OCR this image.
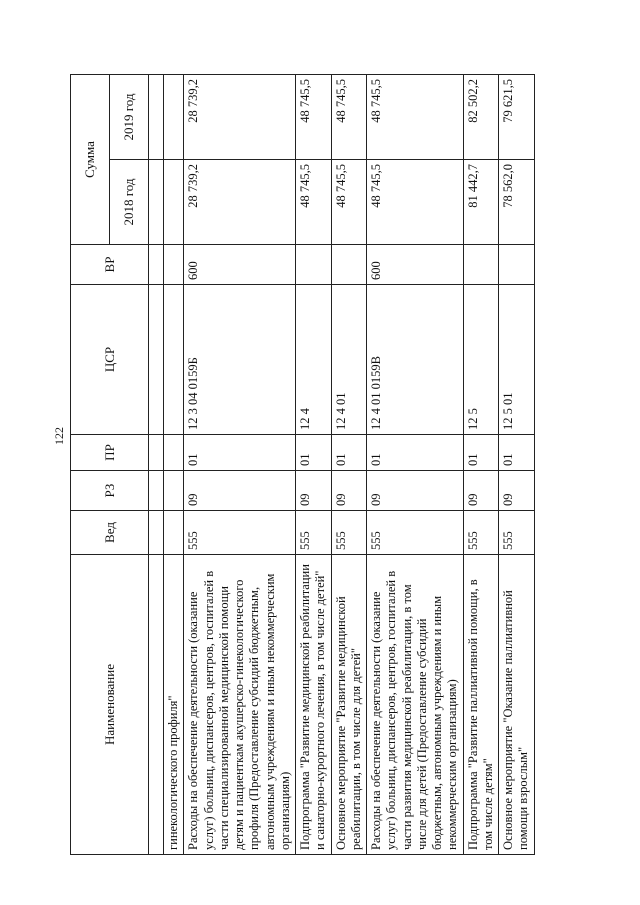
122
Наименование	Вед	РЗ	ПР	ЦСР	ВР	Сумма	
						2018 год	2019 год

гинекологического профиля"							
Расходы на обеспечение деятельности (оказание услуг) больниц, диспансеров, центров, госпиталей в части специализированной медицинской помощи детям и пациенткам акушерско-гинекологического профиля (Предоставление субсидий бюджетным, автономным учреждениям и иным некоммерческим организациям)	555	09	01	12 3 04 0159Б	600	28 739,2	28 739,2
Подпрограмма "Развитие медицинской реабилитации и санаторно-курортного лечения, в том числе детей"	555	09	01	12 4		48 745,5	48 745,5
Основное мероприятие "Развитие медицинской реабилитации, в том числе для детей"	555	09	01	12 4 01		48 745,5	48 745,5
Расходы на обеспечение деятельности (оказание услуг) больниц, диспансеров, центров, госпиталей в части развития медицинской реабилитации, в том числе для детей (Предоставление субсидий бюджетным, автономным учреждениям и иным некоммерческим организациям)	555	09	01	12 4 01 0159В	600	48 745,5	48 745,5
Подпрограмма "Развитие паллиативной помощи, в том числе детям"	555	09	01	12 5		81 442,7	82 502,2
Основное мероприятие "Оказание паллиативной помощи взрослым"	555	09	01	12 5 01		78 562,0	79 621,5
